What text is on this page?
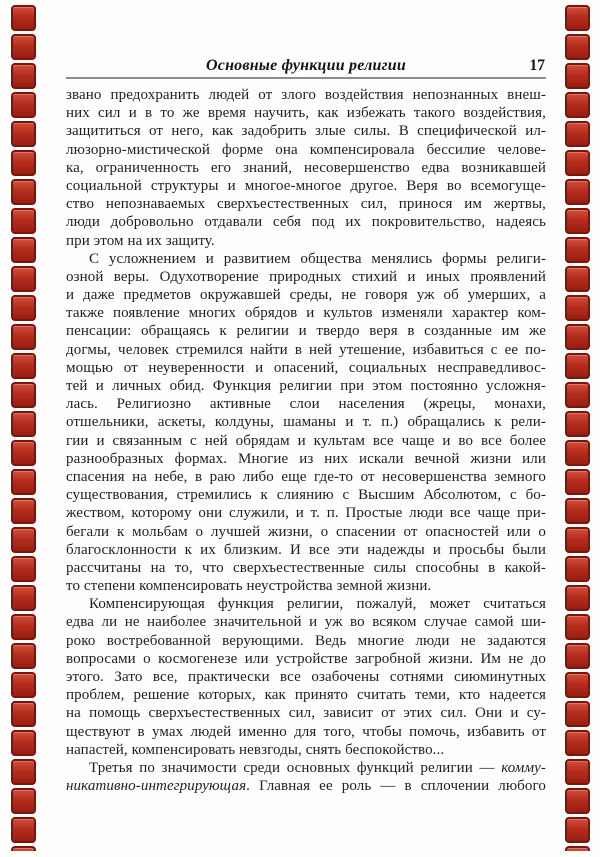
Основные функции религии	17
звано предохранить людей от злого воздействия непознанных внеш-
них сил и в то же время научить, как избежать такого воздействия,
защититься от него, как задобрить злые силы. В специфической ил-
люзорно-мистической форме она компенсировала бессилие челове-
ка, ограниченность его знаний, несовершенство едва возникавшей
социальной структуры и многое-многое другое. Веря во всемогуще-
ство непознаваемых сверхъестественных сил, принося им жертвы,
люди добровольно отдавали себя под их покровительство, надеясь
при этом на их защиту.
С усложнением и развитием общества менялись формы религи-
озной веры. Одухотворение природных стихий и иных проявлений
и даже предметов окружавшей среды, не говоря уж об умерших, а
также появление многих обрядов и культов изменяли характер ком-
пенсации: обращаясь к религии и твердо веря в созданные им же
догмы, человек стремился найти в ней утешение, избавиться с ее по-
мощью от неуверенности и опасений, социальных несправедливос-
тей и личных обид. Функция религии при этом постоянно усложня-
лась. Религиозно активные слои населения (жрецы, монахи,
отшельники, аскеты, колдуны, шаманы и т. п.) обращались к рели-
гии и связанным с ней обрядам и культам все чаще и во все более
разнообразных формах. Многие из них искали вечной жизни или
спасения на небе, в раю либо еще где-то от несовершенства земного
существования, стремились к слиянию с Высшим Абсолютом, с бо-
жеством, которому они служили, и т. п. Простые люди все чаще при-
бегали к мольбам о лучшей жизни, о спасении от опасностей или о
благосклонности к их близким. И все эти надежды и просьбы были
рассчитаны на то, что сверхъестественные силы способны в какой-
то степени компенсировать неустройства земной жизни.
Компенсирующая функция религии, пожалуй, может считаться
едва ли не наиболее значительной и уж во всяком случае самой ши-
роко востребованной верующими. Ведь многие люди не задаются
вопросами о космогенезе или устройстве загробной жизни. Им не до
этого. Зато все, практически все озабочены сотнями сиюминутных
проблем, решение которых, как принято считать теми, кто надеется
на помощь сверхъестественных сил, зависит от этих сил. Они и су-
ществуют в умах людей именно для того, чтобы помочь, избавить от
напастей, компенсировать невзгоды, снять беспокойство...
Третья по значимости среди основных функций религии — комму-
никативно-интегрирующая. Главная ее роль — в сплочении любого
